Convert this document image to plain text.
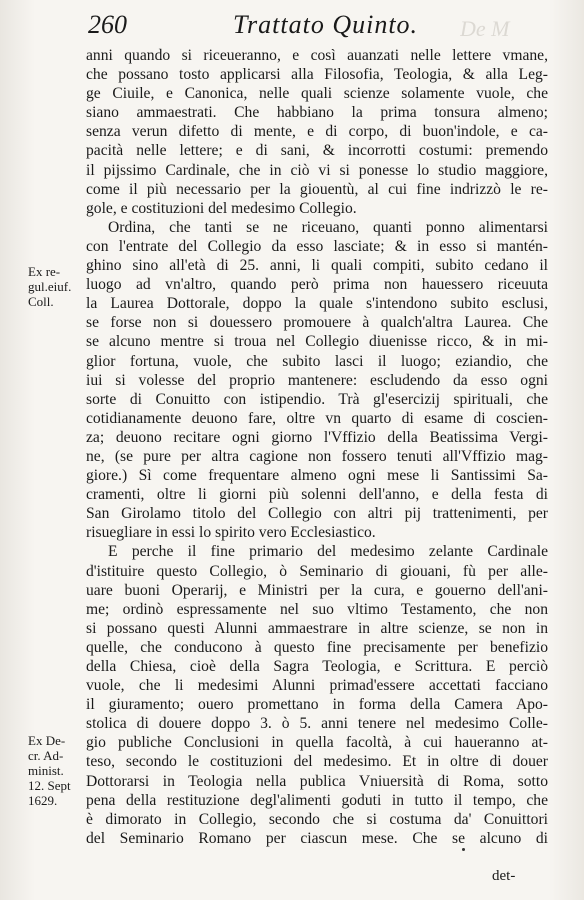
260	Trattato Quinto. De M
Ex re-
gul.eiuf.
Coll.
Ex De-
cr. Ad-
minist.
12. Sept
1629.
anni quando si riceueranno, e così auanzati nelle lettere vmane,
che possano tosto applicarsi alla Filosofia, Teologia, & alla Leg-
ge Ciuile, e Canonica, nelle quali scienze solamente vuole, che
siano ammaestrati. Che habbiano la prima tonsura almeno;
senza verun difetto di mente, e di corpo, di buon'indole, e ca-
pacità nelle lettere; e di sani, & incorrotti costumi: premendo
il pijssimo Cardinale, che in ciò vi si ponesse lo studio maggiore,
come il più necessario per la giouentù, al cui fine indrizzò le re-
gole, e costituzioni del medesimo Collegio.
Ordina, che tanti se ne riceuano, quanti ponno alimentarsi
con l'entrate del Collegio da esso lasciate; & in esso si mantén-
ghino sino all'età di 25. anni, li quali compiti, subito cedano il
luogo ad vn'altro, quando però prima non hauessero riceuuta
la Laurea Dottorale, doppo la quale s'intendono subito esclusi,
se forse non si douessero promouere à qualch'altra Laurea. Che
se alcuno mentre si troua nel Collegio diuenisse ricco, & in mi-
glior fortuna, vuole, che subito lasci il luogo; eziandio, che
iui si volesse del proprio mantenere: escludendo da esso ogni
sorte di Conuitto con istipendio. Trà gl'esercizij spirituali, che
cotidianamente deuono fare, oltre vn quarto di esame di coscien-
za; deuono recitare ogni giorno l'Vffizio della Beatissima Vergi-
ne, (se pure per altra cagione non fossero tenuti all'Vffizio mag-
giore.) Sì come frequentare almeno ogni mese li Santissimi Sa-
cramenti, oltre li giorni più solenni dell'anno, e della festa di
San Girolamo titolo del Collegio con altri pij trattenimenti, per
risuegliare in essi lo spirito vero Ecclesiastico.
E perche il fine primario del medesimo zelante Cardinale
d'istituire questo Collegio, ò Seminario di giouani, fù per alle-
uare buoni Operarij, e Ministri per la cura, e gouerno dell'ani-
me; ordinò espressamente nel suo vltimo Testamento, che non
si possano questi Alunni ammaestrare in altre scienze, se non in
quelle, che conducono à questo fine precisamente per benefizio
della Chiesa, cioè della Sagra Teologia, e Scrittura. E perciò
vuole, che li medesimi Alunni primad'essere accettati facciano
il giuramento; ouero promettano in forma della Camera Apo-
stolica di douere doppo 3. ò 5. anni tenere nel medesimo Colle-
gio publiche Conclusioni in quella facoltà, à cui haueranno at-
teso, secondo le costituzioni del medesimo. Et in oltre di douer
Dottorarsi in Teologia nella publica Vniuersità di Roma, sotto
pena della restituzione degl'alimenti goduti in tutto il tempo, che
è dimorato in Collegio, secondo che si costuma da' Conuittori
del Seminario Romano per ciascun mese. Che se alcuno di
det-
